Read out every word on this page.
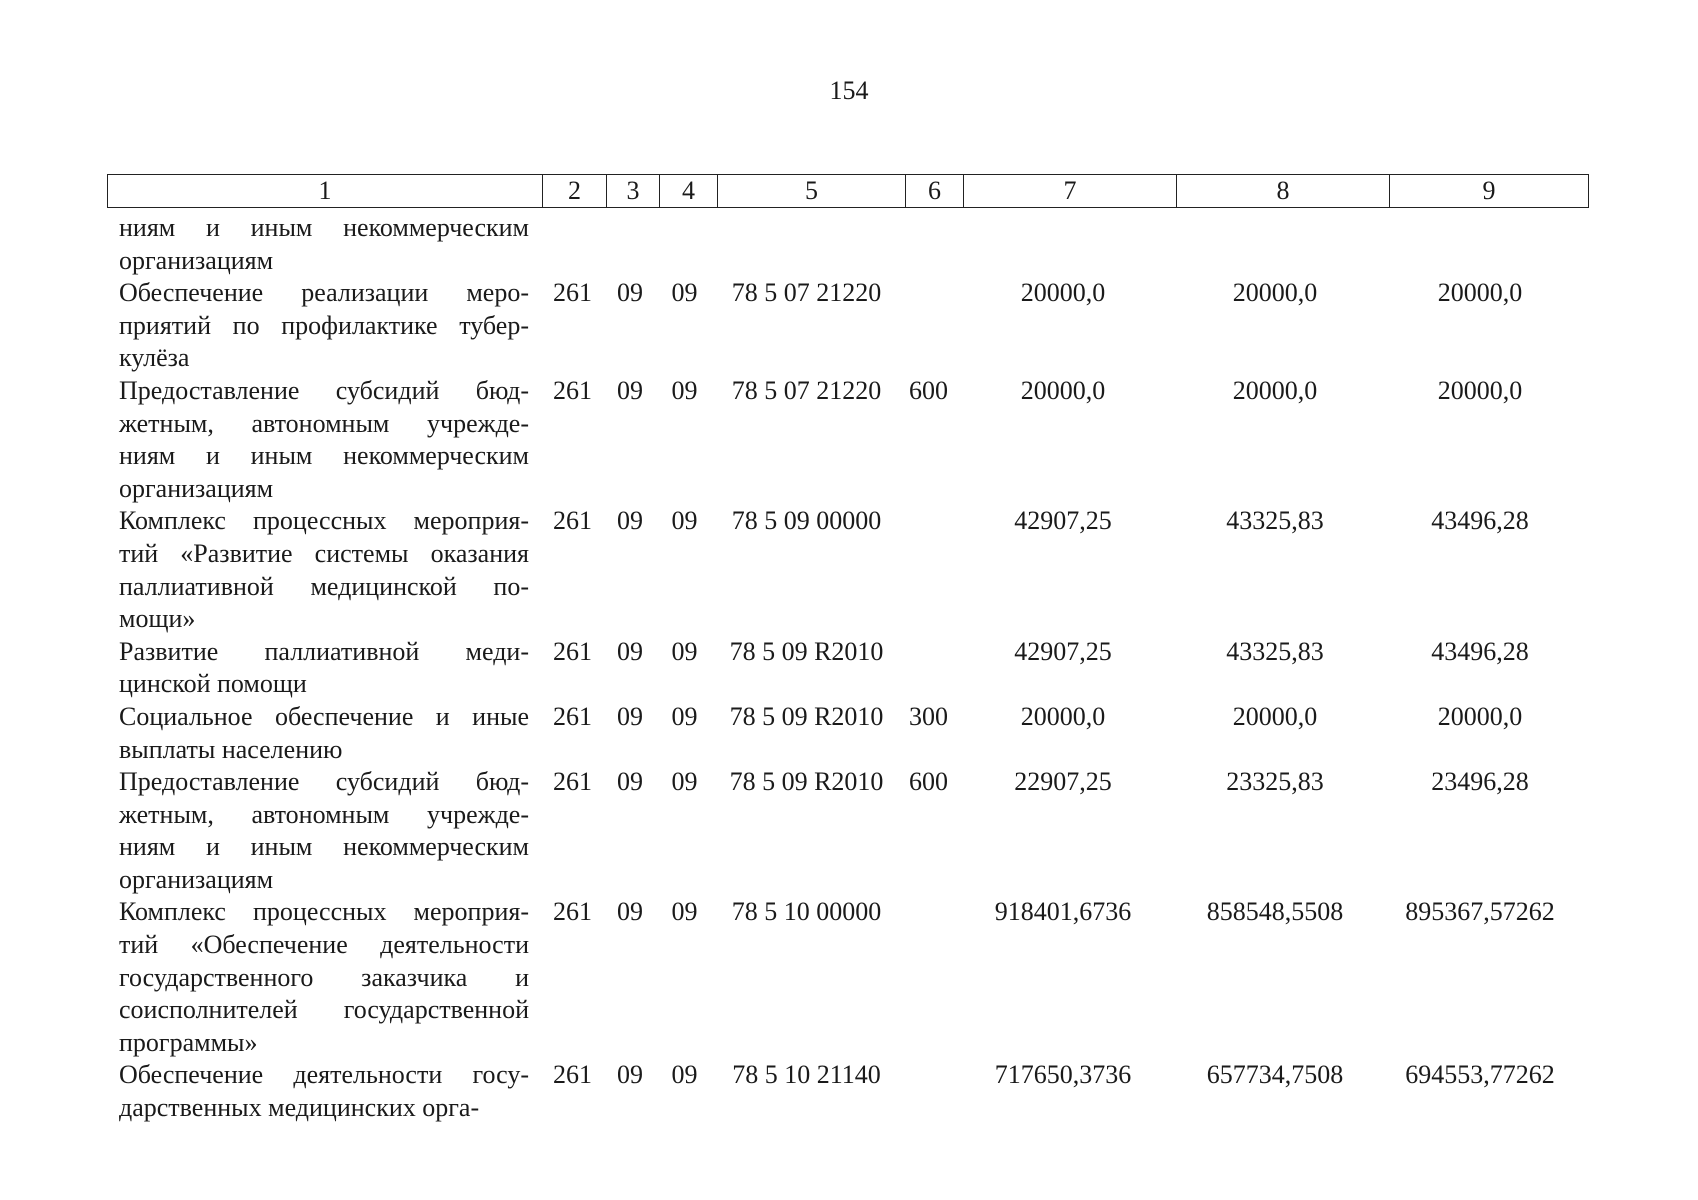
154
1	2	3	4	5	6	7	8	9
ниям и иным некоммерческим
организациям								

Обеспечение реализации меро-
приятий по профилактике тубер-
кулёза	261	09	09	78 5 07 21220		20000,0	20000,0	20000,0

Предоставление субсидий бюд-
жетным, автономным учрежде-
ниям и иным некоммерческим
организациям	261	09	09	78 5 07 21220	600	20000,0	20000,0	20000,0

Комплекс процессных мероприя-
тий «Развитие системы оказания
паллиативной медицинской по-
мощи»	261	09	09	78 5 09 00000		42907,25	43325,83	43496,28

Развитие паллиативной меди-
цинской помощи	261	09	09	78 5 09 R2010		42907,25	43325,83	43496,28

Социальное обеспечение и иные
выплаты населению	261	09	09	78 5 09 R2010	300	20000,0	20000,0	20000,0

Предоставление субсидий бюд-
жетным, автономным учрежде-
ниям и иным некоммерческим
организациям	261	09	09	78 5 09 R2010	600	22907,25	23325,83	23496,28

Комплекс процессных мероприя-
тий «Обеспечение деятельности
государственного заказчика и
соисполнителей государственной
программы»	261	09	09	78 5 10 00000		918401,6736	858548,5508	895367,57262

Обеспечение деятельности госу-
дарственных медицинских орга-	261	09	09	78 5 10 21140		717650,3736	657734,7508	694553,77262
